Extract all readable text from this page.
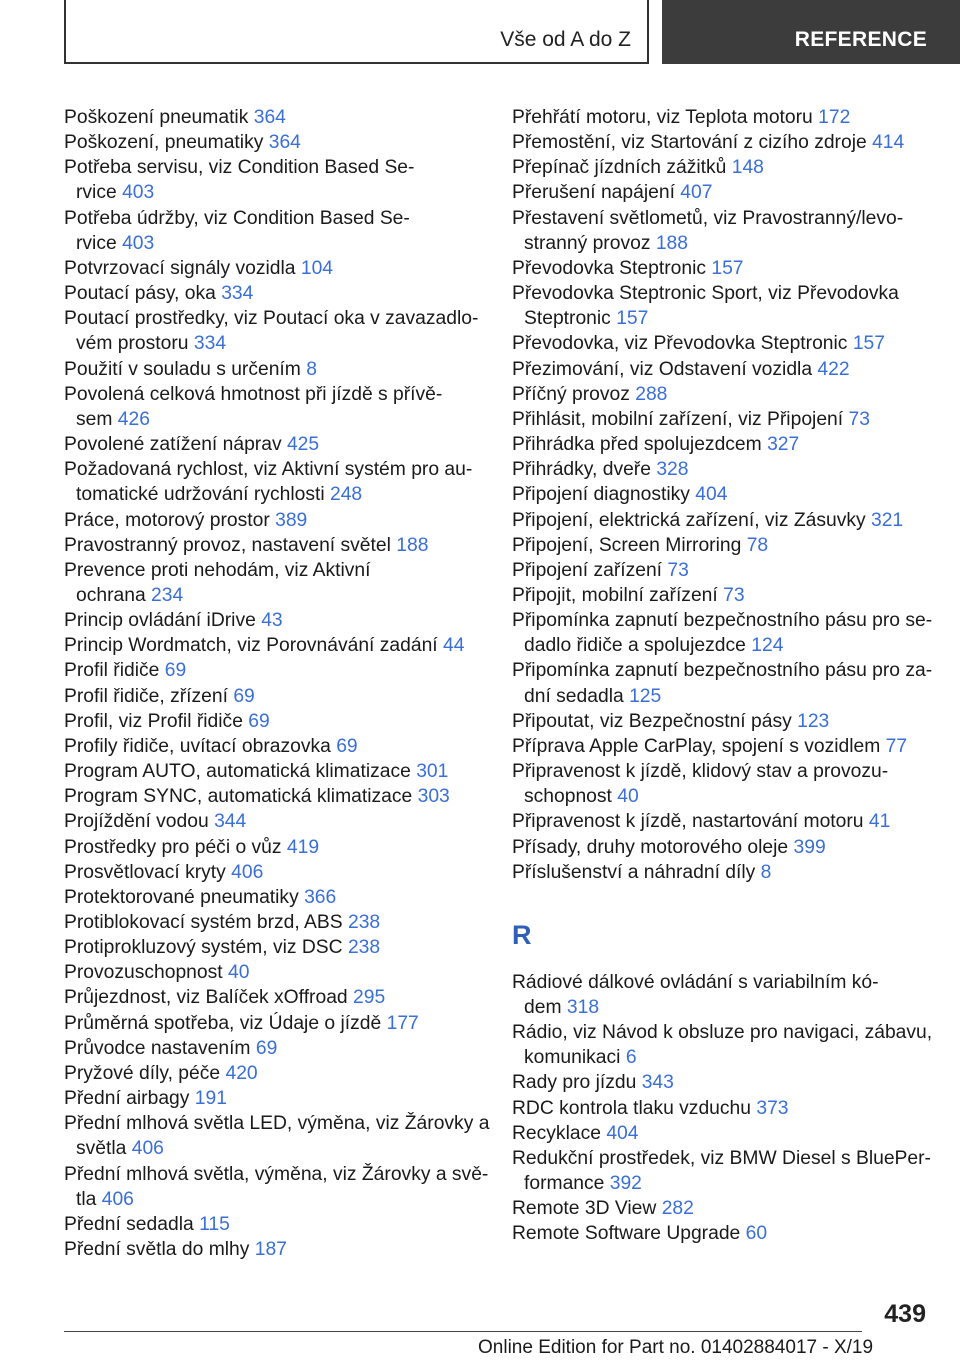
Vše od A do Z	REFERENCE
Poškození pneumatik 364
Poškození, pneumatiky 364
Potřeba servisu, viz Condition Based Se-
rvice 403
Potřeba údržby, viz Condition Based Se-
rvice 403
Potvrzovací signály vozidla 104
Poutací pásy, oka 334
Poutací prostředky, viz Poutací oka v zavazadlo-
vém prostoru 334
Použití v souladu s určením 8
Povolená celková hmotnost při jízdě s přívě-
sem 426
Povolené zatížení náprav 425
Požadovaná rychlost, viz Aktivní systém pro au-
tomatické udržování rychlosti 248
Práce, motorový prostor 389
Pravostranný provoz, nastavení světel 188
Prevence proti nehodám, viz Aktivní
ochrana 234
Princip ovládání iDrive 43
Princip Wordmatch, viz Porovnávání zadání 44
Profil řidiče 69
Profil řidiče, zřízení 69
Profil, viz Profil řidiče 69
Profily řidiče, uvítací obrazovka 69
Program AUTO, automatická klimatizace 301
Program SYNC, automatická klimatizace 303
Projíždění vodou 344
Prostředky pro péči o vůz 419
Prosvětlovací kryty 406
Protektorované pneumatiky 366
Protiblokovací systém brzd, ABS 238
Protiprokluzový systém, viz DSC 238
Provozuschopnost 40
Průjezdnost, viz Balíček xOffroad 295
Průměrná spotřeba, viz Údaje o jízdě 177
Průvodce nastavením 69
Pryžové díly, péče 420
Přední airbagy 191
Přední mlhová světla LED, výměna, viz Žárovky a
světla 406
Přední mlhová světla, výměna, viz Žárovky a svě-
tla 406
Přední sedadla 115
Přední světla do mlhy 187
Přehřátí motoru, viz Teplota motoru 172
Přemostění, viz Startování z cizího zdroje 414
Přepínač jízdních zážitků 148
Přerušení napájení 407
Přestavení světlometů, viz Pravostranný/levo-
stranný provoz 188
Převodovka Steptronic 157
Převodovka Steptronic Sport, viz Převodovka
Steptronic 157
Převodovka, viz Převodovka Steptronic 157
Přezimování, viz Odstavení vozidla 422
Příčný provoz 288
Přihlásit, mobilní zařízení, viz Připojení 73
Přihrádka před spolujezdcem 327
Přihrádky, dveře 328
Připojení diagnostiky 404
Připojení, elektrická zařízení, viz Zásuvky 321
Připojení, Screen Mirroring 78
Připojení zařízení 73
Připojit, mobilní zařízení 73
Připomínka zapnutí bezpečnostního pásu pro se-
dadlo řidiče a spolujezdce 124
Připomínka zapnutí bezpečnostního pásu pro za-
dní sedadla 125
Připoutat, viz Bezpečnostní pásy 123
Příprava Apple CarPlay, spojení s vozidlem 77
Připravenost k jízdě, klidový stav a provozu-
schopnost 40
Připravenost k jízdě, nastartování motoru 41
Přísady, druhy motorového oleje 399
Příslušenství a náhradní díly 8
R
Rádiové dálkové ovládání s variabilním kó-
dem 318
Rádio, viz Návod k obsluze pro navigaci, zábavu,
komunikaci 6
Rady pro jízdu 343
RDC kontrola tlaku vzduchu 373
Recyklace 404
Redukční prostředek, viz BMW Diesel s BluePer-
formance 392
Remote 3D View 282
Remote Software Upgrade 60
439
Online Edition for Part no. 01402884017 - X/19
